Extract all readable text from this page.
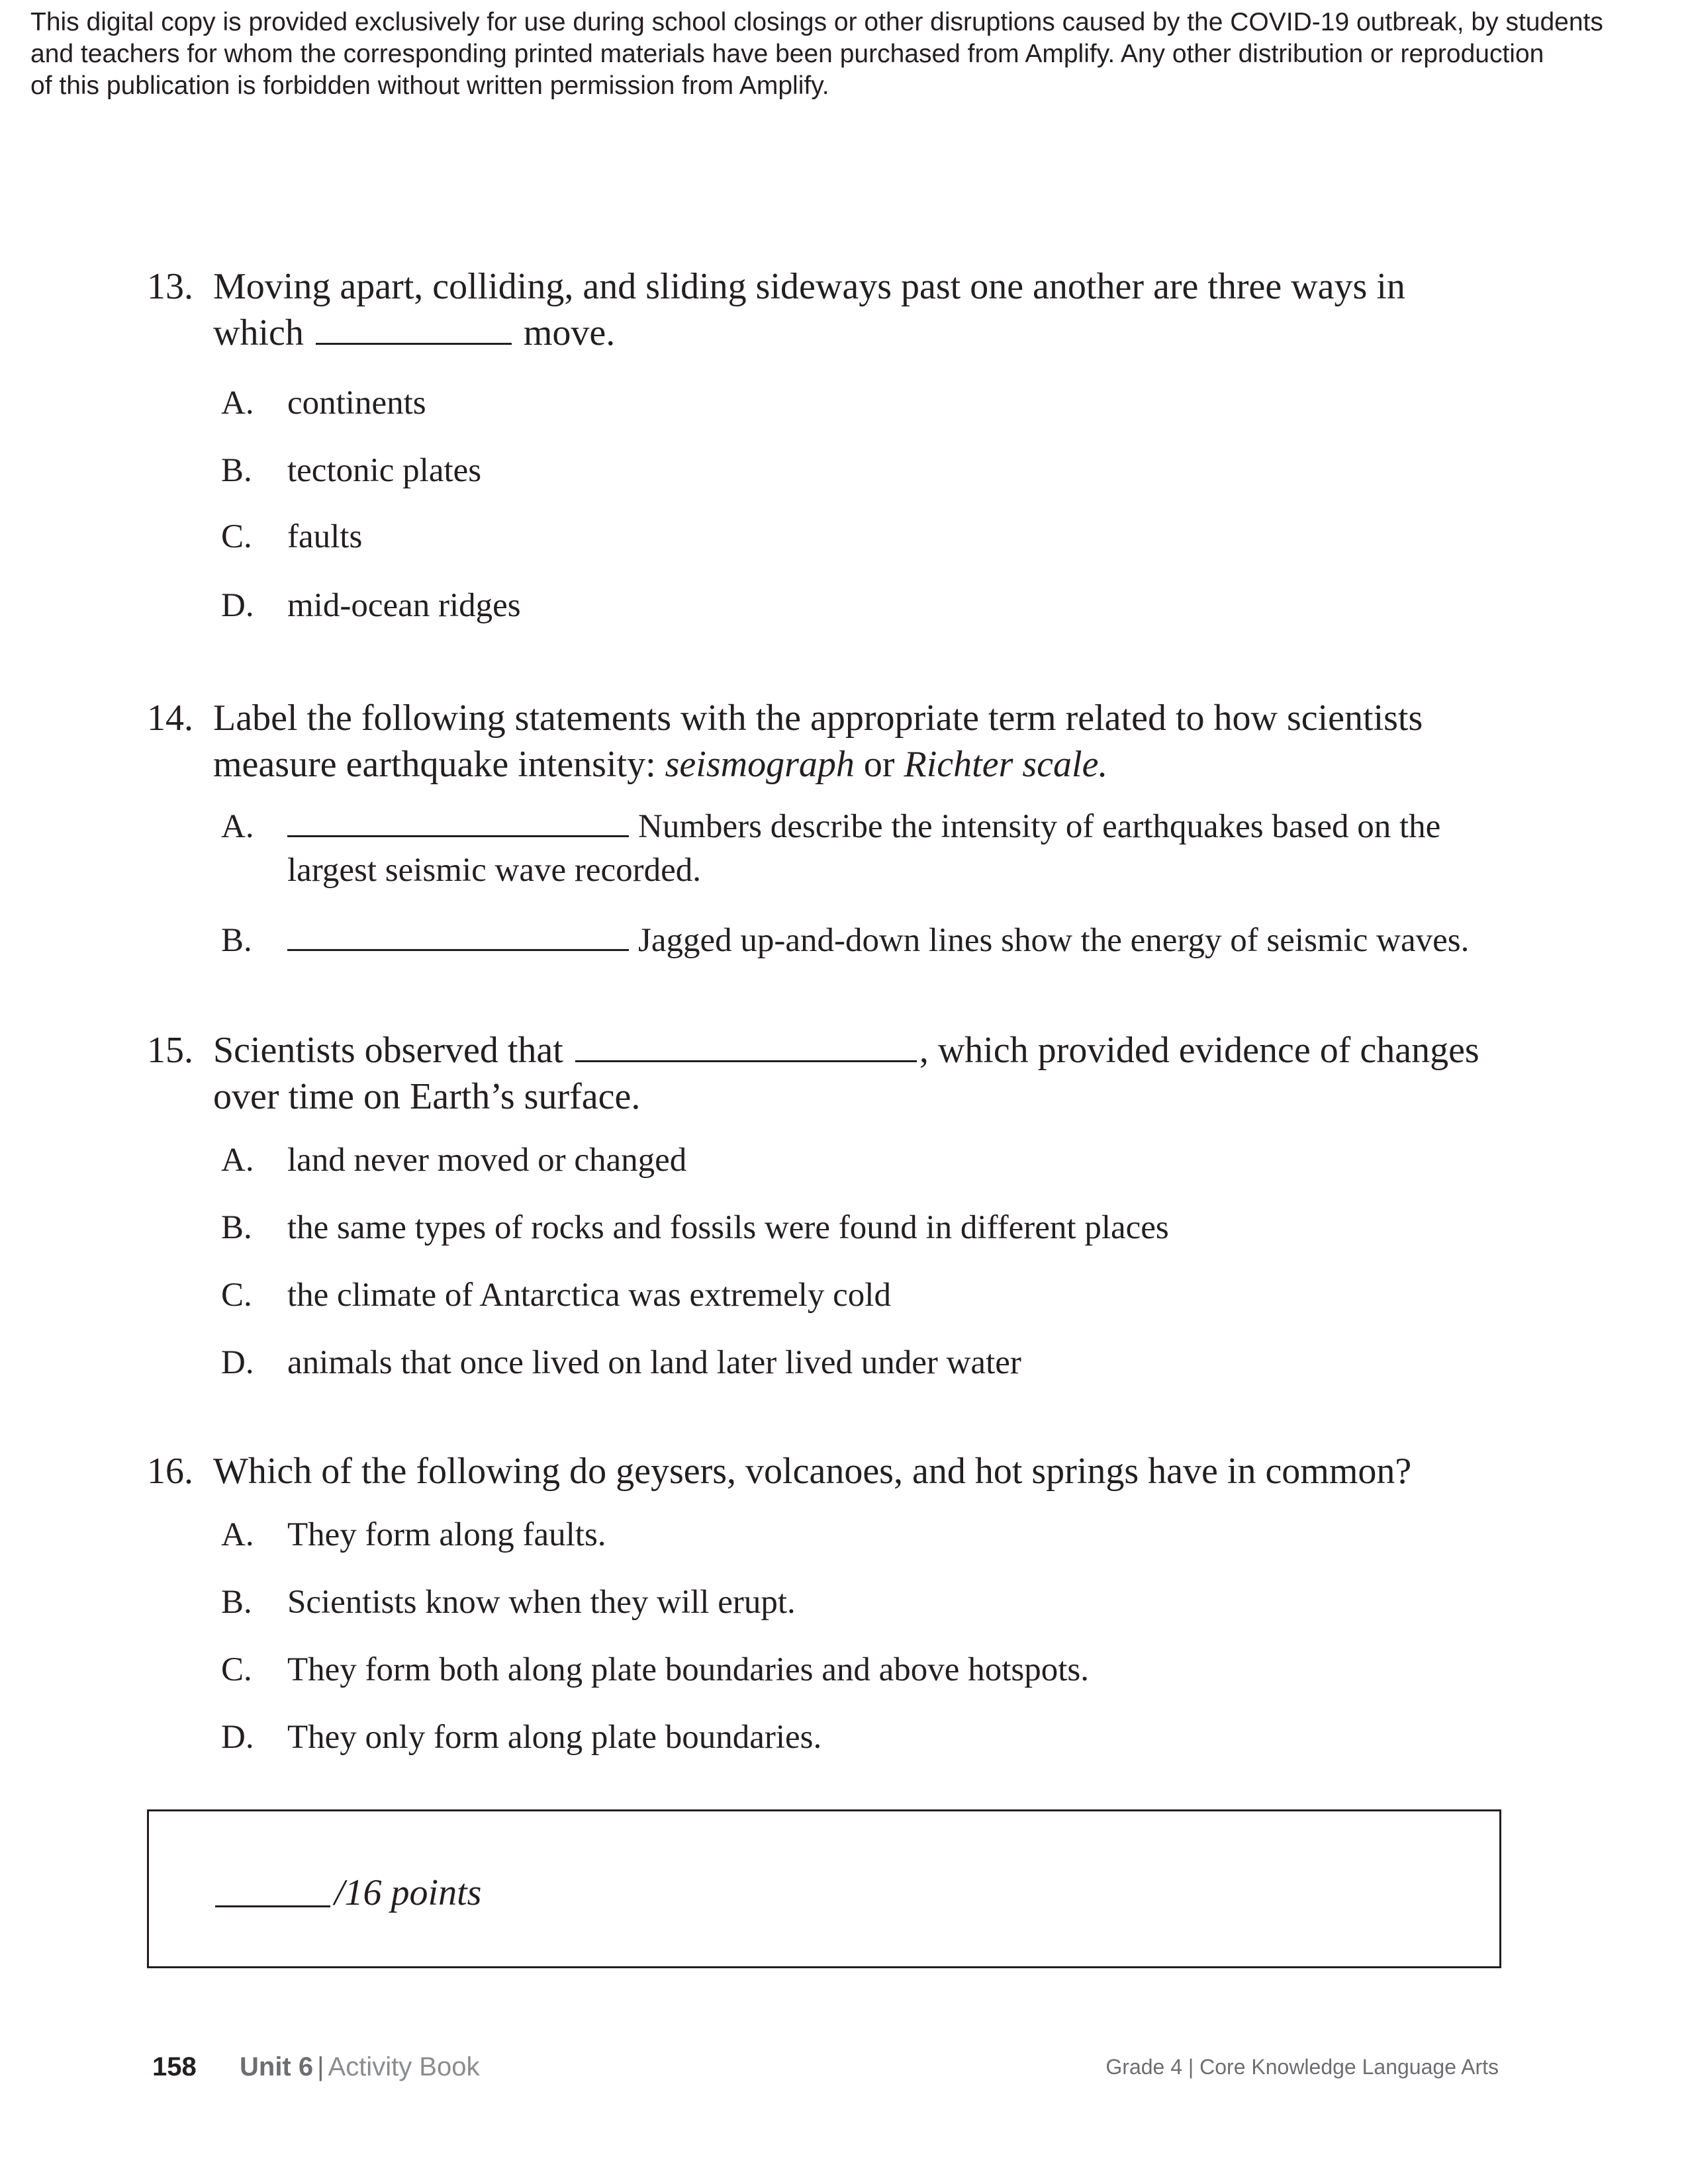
This digital copy is provided exclusively for use during school closings or other disruptions caused by the COVID-19 outbreak, by students
and teachers for whom the corresponding printed materials have been purchased from Amplify. Any other distribution or reproduction
of this publication is forbidden without written permission from Amplify.
13. Moving apart, colliding, and sliding sideways past one another are three ways in
which	move.
A. continents
B. tectonic plates
C. faults
D. mid-ocean ridges
14. Label the following statements with the appropriate term related to how scientists
measure earthquake intensity: seismograph or Richter scale.
A.	Numbers describe the intensity of earthquakes based on the largest seismic wave recorded.
B.	Jagged up-and-down lines show the energy of seismic waves.
15. Scientists observed that	, which provided evidence of changes
over time on Earth’s surface.
A. land never moved or changed
B. the same types of rocks and fossils were found in different places
C. the climate of Antarctica was extremely cold
D. animals that once lived on land later lived under water
16. Which of the following do geysers, volcanoes, and hot springs have in common?
A. They form along faults.
B. Scientists know when they will erupt.
C. They form both along plate boundaries and above hotspots.
D. They only form along plate boundaries.
/16 points
158 Unit 6 | Activity Book	Grade 4 | Core Knowledge Language Arts
